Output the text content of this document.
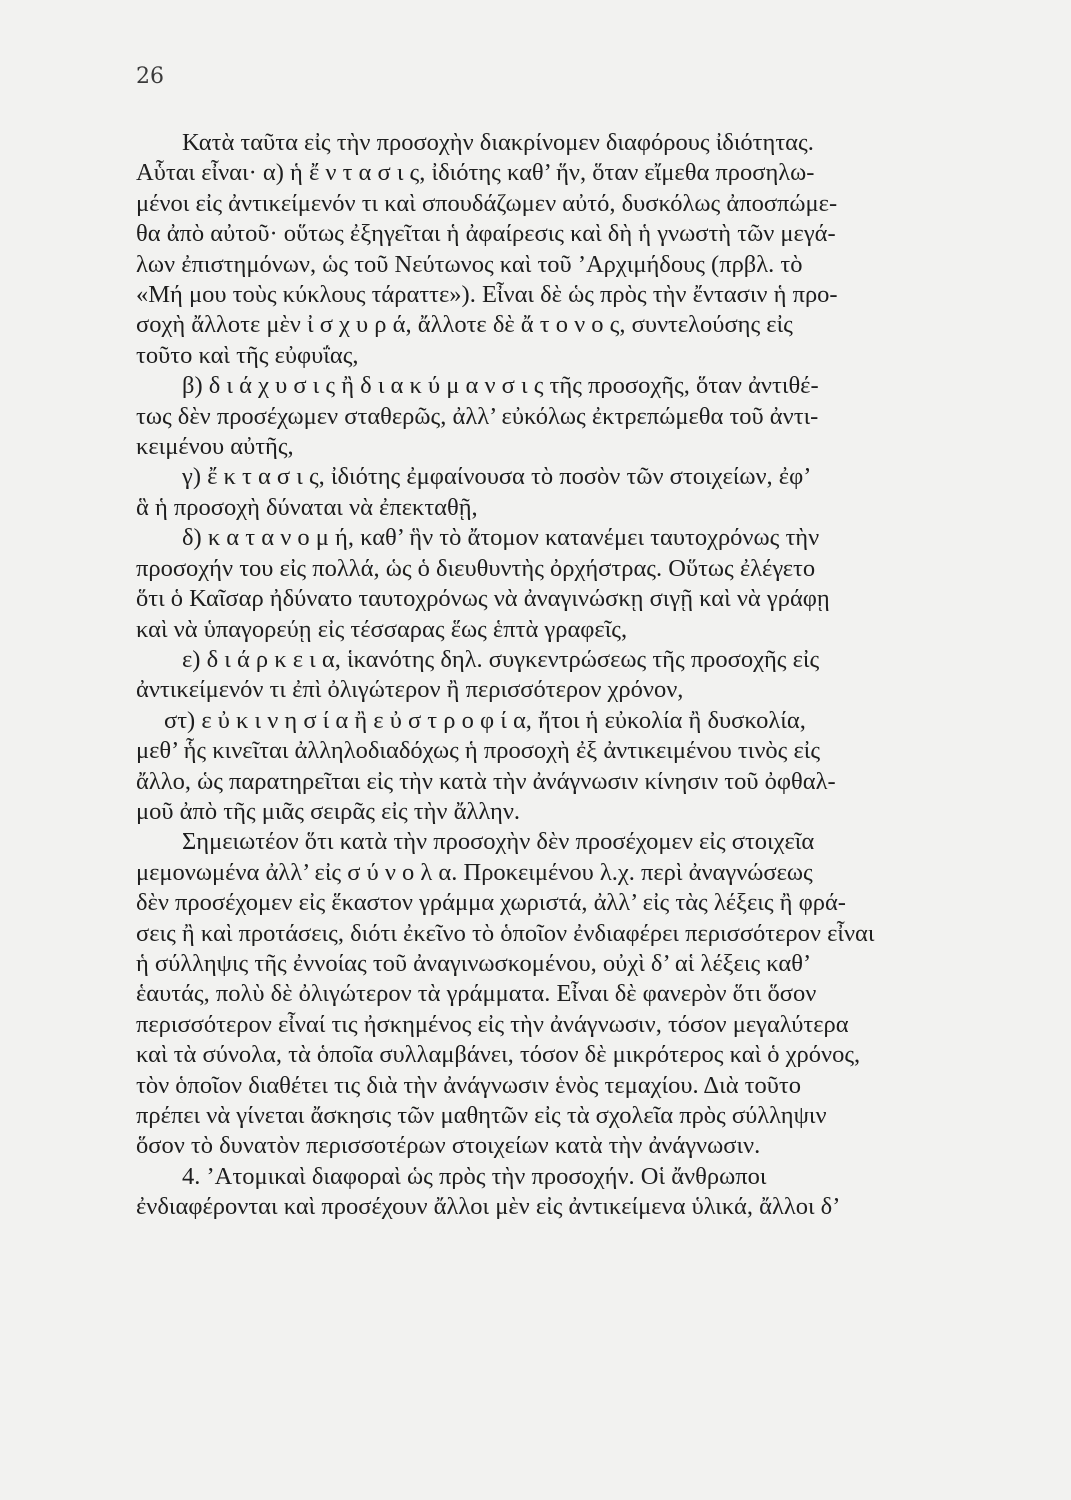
26
Κατὰ ταῦτα εἰς τὴν προσοχὴν διακρίνομεν διαφόρους ἰδιότητας.
Αὗται εἶναι· α) ἡ ἔ ν τ α σ ι ς, ἰδιότης καθ’ ἥν, ὅταν εἴμεθα προσηλω-
μένοι εἰς ἀντικείμενόν τι καὶ σπουδάζωμεν αὐτό, δυσκόλως ἀποσπώμε-
θα ἀπὸ αὐτοῦ· οὕτως ἐξηγεῖται ἡ ἀφαίρεσις καὶ δὴ ἡ γνωστὴ τῶν μεγά-
λων ἐπιστημόνων, ὡς τοῦ Νεύτωνος καὶ τοῦ ’Αρχιμήδους (πρβλ. τὸ
«Μή μου τοὺς κύκλους τάραττε»). Εἶναι δὲ ὡς πρὸς τὴν ἔντασιν ἡ προ-
σοχὴ ἄλλοτε μὲν ἰ σ χ υ ρ ά, ἄλλοτε δὲ ἄ τ ο ν ο ς, συντελούσης εἰς
τοῦτο καὶ τῆς εὐφυΐας,
β) δ ι ά χ υ σ ι ς ἢ δ ι α κ ύ μ α ν σ ι ς τῆς προσοχῆς, ὅταν ἀντιθέ-
τως δὲν προσέχωμεν σταθερῶς, ἀλλ’ εὐκόλως ἐκτρεπώμεθα τοῦ ἀντι-
κειμένου αὐτῆς,
γ) ἔ κ τ α σ ι ς, ἰδιότης ἐμφαίνουσα τὸ ποσὸν τῶν στοιχείων, ἐφ’
ἃ ἡ προσοχὴ δύναται νὰ ἐπεκταθῇ,
δ) κ α τ α ν ο μ ή, καθ’ ἣν τὸ ἄτομον κατανέμει ταυτοχρόνως τὴν
προσοχήν του εἰς πολλά, ὡς ὁ διευθυντὴς ὀρχήστρας. Οὕτως ἐλέγετο
ὅτι ὁ Καῖσαρ ἠδύνατο ταυτοχρόνως νὰ ἀναγινώσκῃ σιγῇ καὶ νὰ γράφῃ
καὶ νὰ ὑπαγορεύῃ εἰς τέσσαρας ἕως ἑπτὰ γραφεῖς,
ε) δ ι ά ρ κ ε ι α, ἱκανότης δηλ. συγκεντρώσεως τῆς προσοχῆς εἰς
ἀντικείμενόν τι ἐπὶ ὀλιγώτερον ἢ περισσότερον χρόνον,
στ) ε ὐ κ ι ν η σ ί α ἢ ε ὐ σ τ ρ ο φ ί α, ἤτοι ἡ εὐκολία ἢ δυσκολία,
μεθ’ ἧς κινεῖται ἀλληλοδιαδόχως ἡ προσοχὴ ἐξ ἀντικειμένου τινὸς εἰς
ἄλλο, ὡς παρατηρεῖται εἰς τὴν κατὰ τὴν ἀνάγνωσιν κίνησιν τοῦ ὀφθαλ-
μοῦ ἀπὸ τῆς μιᾶς σειρᾶς εἰς τὴν ἄλλην.
Σημειωτέον ὅτι κατὰ τὴν προσοχὴν δὲν προσέχομεν εἰς στοιχεῖα
μεμονωμένα ἀλλ’ εἰς σ ύ ν ο λ α. Προκειμένου λ.χ. περὶ ἀναγνώσεως
δὲν προσέχομεν εἰς ἕκαστον γράμμα χωριστά, ἀλλ’ εἰς τὰς λέξεις ἢ φρά-
σεις ἢ καὶ προτάσεις, διότι ἐκεῖνο τὸ ὁποῖον ἐνδιαφέρει περισσότερον εἶναι
ἡ σύλληψις τῆς ἐννοίας τοῦ ἀναγινωσκομένου, οὐχὶ δ’ αἱ λέξεις καθ’
ἑαυτάς, πολὺ δὲ ὀλιγώτερον τὰ γράμματα. Εἶναι δὲ φανερὸν ὅτι ὅσον
περισσότερον εἶναί τις ἠσκημένος εἰς τὴν ἀνάγνωσιν, τόσον μεγαλύτερα
καὶ τὰ σύνολα, τὰ ὁποῖα συλλαμβάνει, τόσον δὲ μικρότερος καὶ ὁ χρόνος,
τὸν ὁποῖον διαθέτει τις διὰ τὴν ἀνάγνωσιν ἑνὸς τεμαχίου. Διὰ τοῦτο
πρέπει νὰ γίνεται ἄσκησις τῶν μαθητῶν εἰς τὰ σχολεῖα πρὸς σύλληψιν
ὅσον τὸ δυνατὸν περισσοτέρων στοιχείων κατὰ τὴν ἀνάγνωσιν.
4. ’Ατομικαὶ διαφοραὶ ὡς πρὸς τὴν προσοχήν. Οἱ ἄνθρωποι
ἐνδιαφέρονται καὶ προσέχουν ἄλλοι μὲν εἰς ἀντικείμενα ὑλικά, ἄλλοι δ’
